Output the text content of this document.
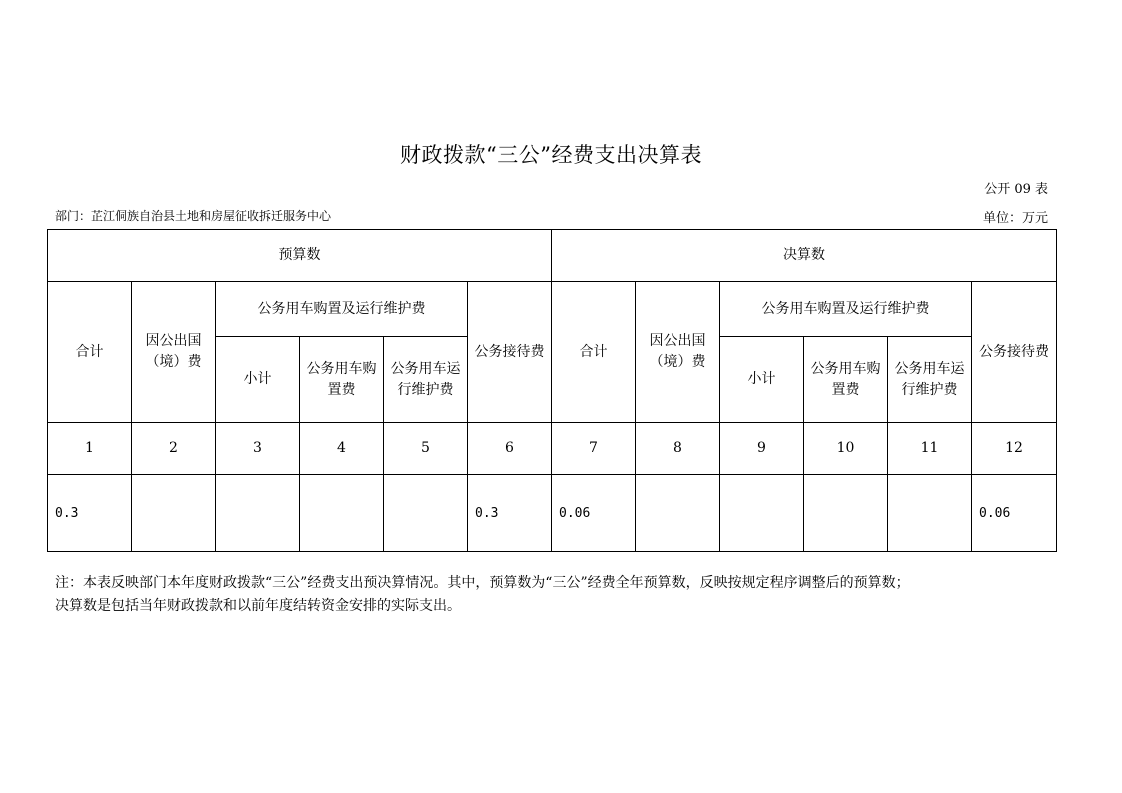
财政拨款“三公”经费支出决算表
公开 09 表
部门：芷江侗族自治县土地和房屋征收拆迁服务中心	单位：万元
预算数						决算数					
合计	因公出国（境）费	公务用车购置及运行维护费			公务接待费	合计	因公出国（境）费	公务用车购置及运行维护费			公务接待费
		小计	公务用车购置费	公务用车运行维护费				小计	公务用车购置费	公务用车运行维护费	
1	2	3	4	5	6	7	8	9	10	11	12
0.3					0.3	0.06					0.06
注：本表反映部门本年度财政拨款“三公”经费支出预决算情况。其中，预算数为“三公”经费全年预算数，反映按规定程序调整后的预算数；
决算数是包括当年财政拨款和以前年度结转资金安排的实际支出。
